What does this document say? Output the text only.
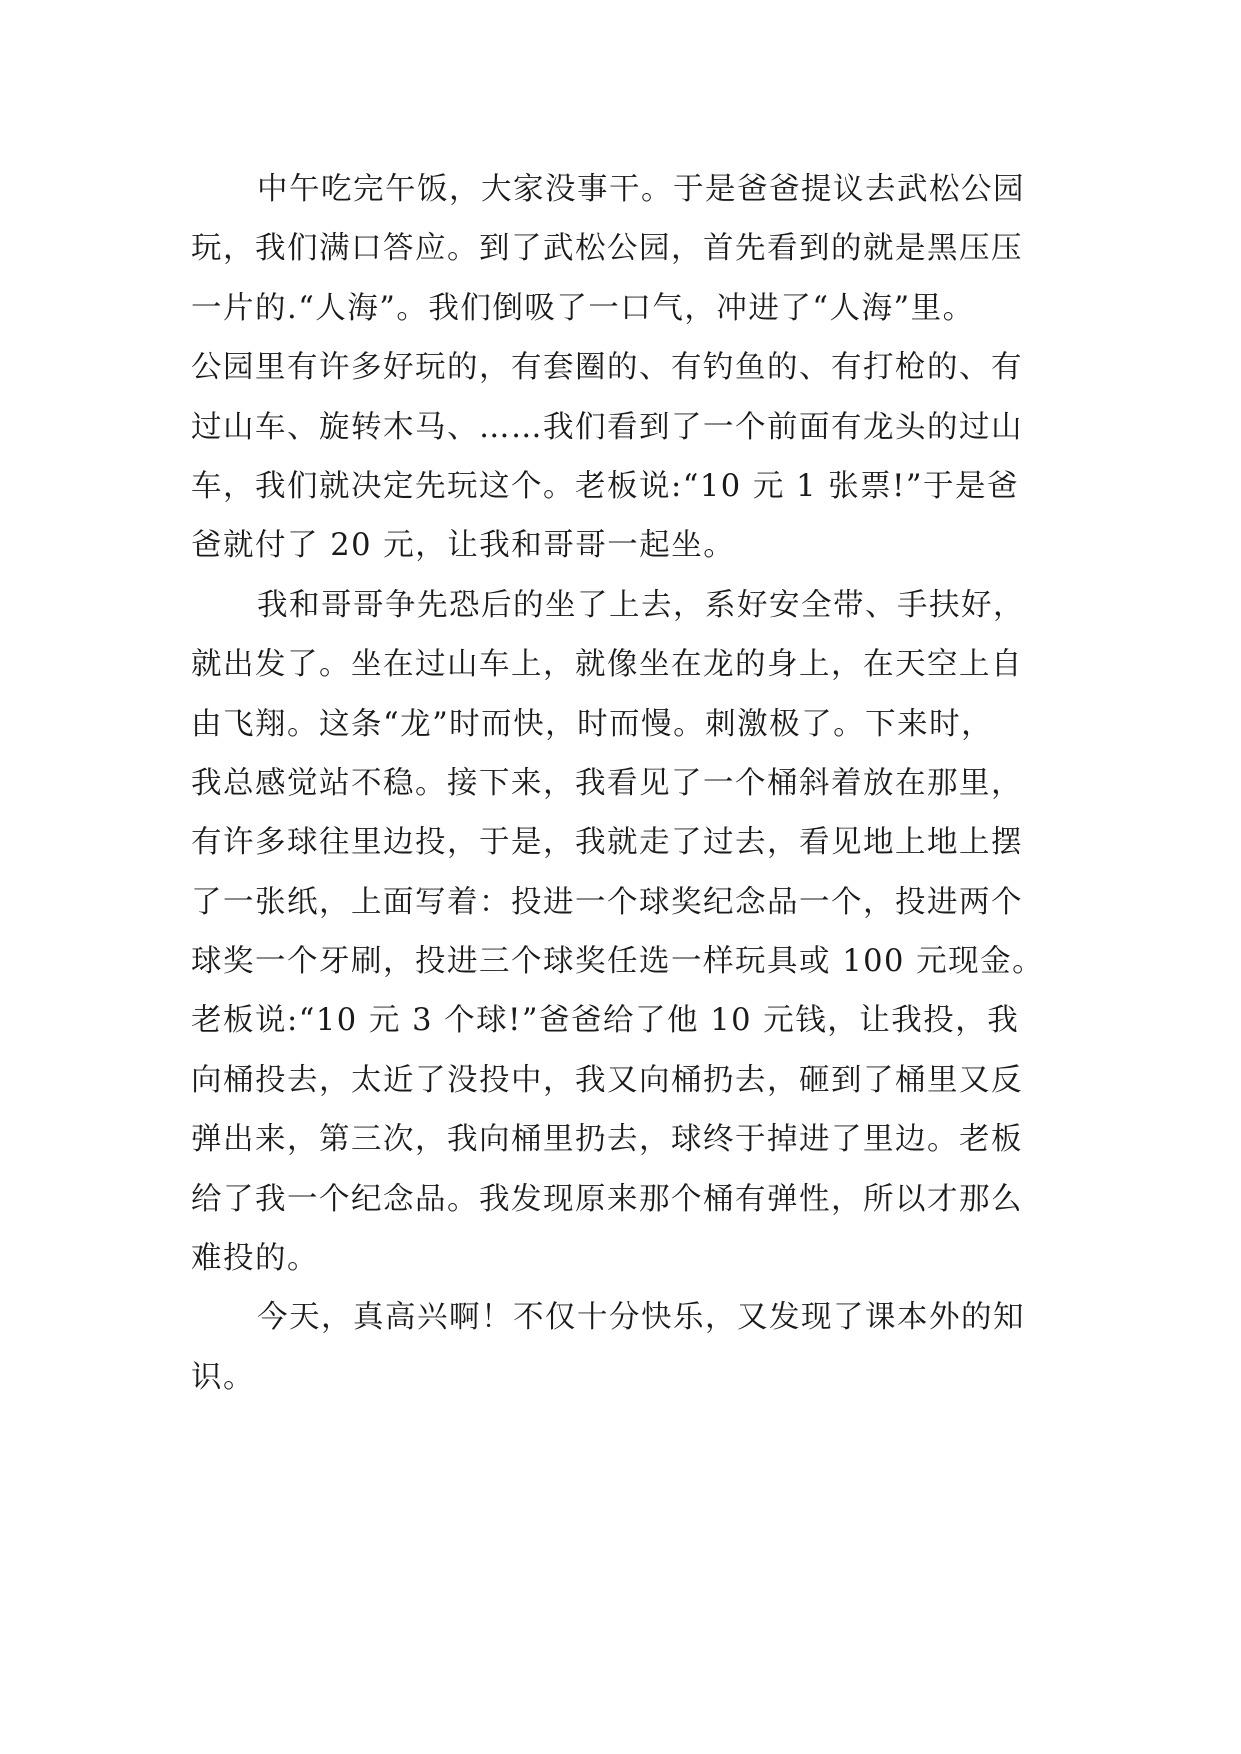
中午吃完午饭，大家没事干。于是爸爸提议去武松公园
玩，我们满口答应。到了武松公园，首先看到的就是黑压压
一片的.“人海”。我们倒吸了一口气，冲进了“人海”里。
公园里有许多好玩的，有套圈的、有钓鱼的、有打枪的、有
过山车、旋转木马、……我们看到了一个前面有龙头的过山
车，我们就决定先玩这个。老板说:“10 元 1 张票!”于是爸
爸就付了 20 元，让我和哥哥一起坐。

我和哥哥争先恐后的坐了上去，系好安全带、手扶好，
就出发了。坐在过山车上，就像坐在龙的身上，在天空上自
由飞翔。这条“龙”时而快，时而慢。刺激极了。下来时，
我总感觉站不稳。接下来，我看见了一个桶斜着放在那里，
有许多球往里边投，于是，我就走了过去，看见地上地上摆
了一张纸，上面写着：投进一个球奖纪念品一个，投进两个
球奖一个牙刷，投进三个球奖任选一样玩具或 100 元现金。
老板说:“10 元 3 个球!”爸爸给了他 10 元钱，让我投，我
向桶投去，太近了没投中，我又向桶扔去，砸到了桶里又反
弹出来，第三次，我向桶里扔去，球终于掉进了里边。老板
给了我一个纪念品。我发现原来那个桶有弹性，所以才那么
难投的。

今天，真高兴啊！不仅十分快乐，又发现了课本外的知
识。
